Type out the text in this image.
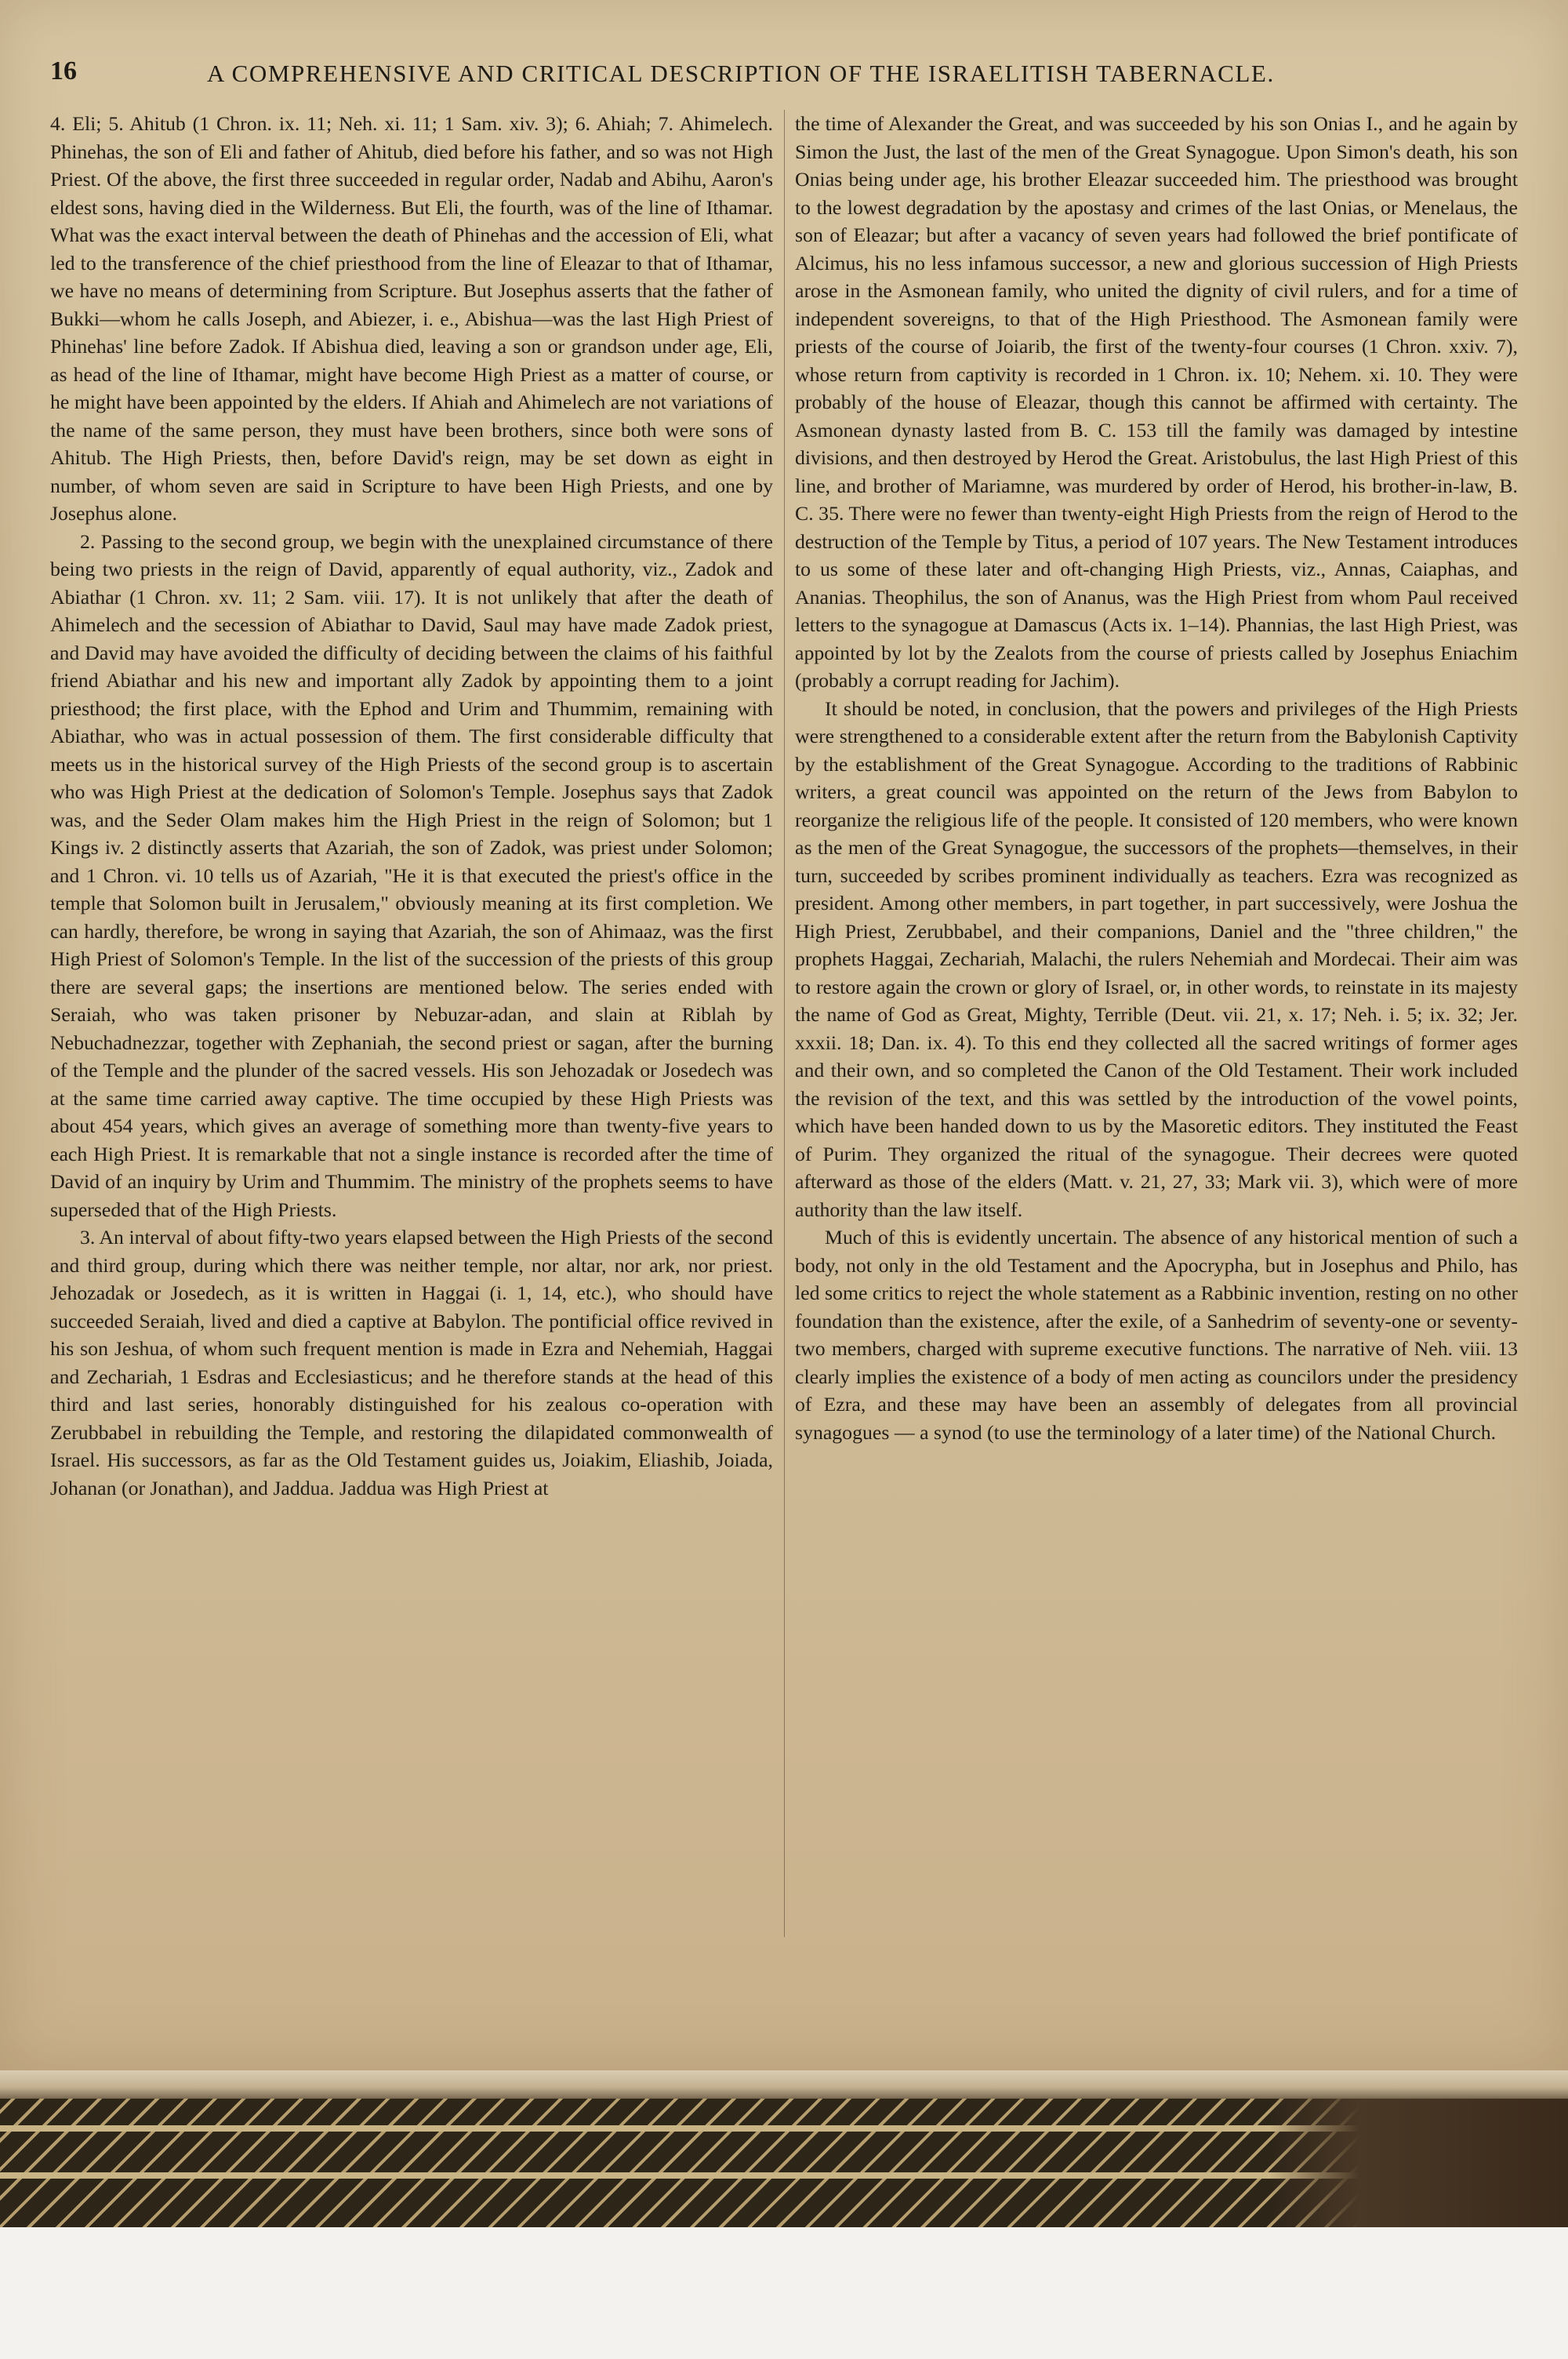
16	A COMPREHENSIVE AND CRITICAL DESCRIPTION OF THE ISRAELITISH TABERNACLE.

4. Eli; 5. Ahitub (1 Chron. ix. 11; Neh. xi. 11; 1 Sam. xiv. 3); 6. Ahiah; 7. Ahimelech. Phinehas, the son of Eli and father of Ahitub, died before his father, and so was not High Priest. Of the above, the first three succeeded in regular order, Nadab and Abihu, Aaron's eldest sons, having died in the Wilderness. But Eli, the fourth, was of the line of Ithamar. What was the exact interval between the death of Phinehas and the accession of Eli, what led to the transference of the chief priesthood from the line of Eleazar to that of Ithamar, we have no means of determining from Scripture. But Josephus asserts that the father of Bukki—whom he calls Joseph, and Abiezer, i. e., Abishua—was the last High Priest of Phinehas' line before Zadok. If Abishua died, leaving a son or grandson under age, Eli, as head of the line of Ithamar, might have become High Priest as a matter of course, or he might have been appointed by the elders. If Ahiah and Ahimelech are not variations of the name of the same person, they must have been brothers, since both were sons of Ahitub. The High Priests, then, before David's reign, may be set down as eight in number, of whom seven are said in Scripture to have been High Priests, and one by Josephus alone.

2. Passing to the second group, we begin with the unexplained circumstance of there being two priests in the reign of David, apparently of equal authority, viz., Zadok and Abiathar (1 Chron. xv. 11; 2 Sam. viii. 17). It is not unlikely that after the death of Ahimelech and the secession of Abiathar to David, Saul may have made Zadok priest, and David may have avoided the difficulty of deciding between the claims of his faithful friend Abiathar and his new and important ally Zadok by appointing them to a joint priesthood; the first place, with the Ephod and Urim and Thummim, remaining with Abiathar, who was in actual possession of them. The first considerable difficulty that meets us in the historical survey of the High Priests of the second group is to ascertain who was High Priest at the dedication of Solomon's Temple. Josephus says that Zadok was, and the Seder Olam makes him the High Priest in the reign of Solomon; but 1 Kings iv. 2 distinctly asserts that Azariah, the son of Zadok, was priest under Solomon; and 1 Chron. vi. 10 tells us of Azariah, "He it is that executed the priest's office in the temple that Solomon built in Jerusalem," obviously meaning at its first completion. We can hardly, therefore, be wrong in saying that Azariah, the son of Ahimaaz, was the first High Priest of Solomon's Temple. In the list of the succession of the priests of this group there are several gaps; the insertions are mentioned below. The series ended with Seraiah, who was taken prisoner by Nebuzar-adan, and slain at Riblah by Nebuchadnezzar, together with Zephaniah, the second priest or sagan, after the burning of the Temple and the plunder of the sacred vessels. His son Jehozadak or Josedech was at the same time carried away captive. The time occupied by these High Priests was about 454 years, which gives an average of something more than twenty-five years to each High Priest. It is remarkable that not a single instance is recorded after the time of David of an inquiry by Urim and Thummim. The ministry of the prophets seems to have superseded that of the High Priests.

3. An interval of about fifty-two years elapsed between the High Priests of the second and third group, during which there was neither temple, nor altar, nor ark, nor priest. Jehozadak or Josedech, as it is written in Haggai (i. 1, 14, etc.), who should have succeeded Seraiah, lived and died a captive at Babylon. The pontificial office revived in his son Jeshua, of whom such frequent mention is made in Ezra and Nehemiah, Haggai and Zechariah, 1 Esdras and Ecclesiasticus; and he therefore stands at the head of this third and last series, honorably distinguished for his zealous co-operation with Zerubbabel in rebuilding the Temple, and restoring the dilapidated commonwealth of Israel. His successors, as far as the Old Testament guides us, Joiakim, Eliashib, Joiada, Johanan (or Jonathan), and Jaddua. Jaddua was High Priest at

the time of Alexander the Great, and was succeeded by his son Onias I., and he again by Simon the Just, the last of the men of the Great Synagogue. Upon Simon's death, his son Onias being under age, his brother Eleazar succeeded him. The priesthood was brought to the lowest degradation by the apostasy and crimes of the last Onias, or Menelaus, the son of Eleazar; but after a vacancy of seven years had followed the brief pontificate of Alcimus, his no less infamous successor, a new and glorious succession of High Priests arose in the Asmonean family, who united the dignity of civil rulers, and for a time of independent sovereigns, to that of the High Priesthood. The Asmonean family were priests of the course of Joiarib, the first of the twenty-four courses (1 Chron. xxiv. 7), whose return from captivity is recorded in 1 Chron. ix. 10; Nehem. xi. 10. They were probably of the house of Eleazar, though this cannot be affirmed with certainty. The Asmonean dynasty lasted from B. C. 153 till the family was damaged by intestine divisions, and then destroyed by Herod the Great. Aristobulus, the last High Priest of this line, and brother of Mariamne, was murdered by order of Herod, his brother-in-law, B. C. 35. There were no fewer than twenty-eight High Priests from the reign of Herod to the destruction of the Temple by Titus, a period of 107 years. The New Testament introduces to us some of these later and oft-changing High Priests, viz., Annas, Caiaphas, and Ananias. Theophilus, the son of Ananus, was the High Priest from whom Paul received letters to the synagogue at Damascus (Acts ix. 1–14). Phannias, the last High Priest, was appointed by lot by the Zealots from the course of priests called by Josephus Eniachim (probably a corrupt reading for Jachim).

It should be noted, in conclusion, that the powers and privileges of the High Priests were strengthened to a considerable extent after the return from the Babylonish Captivity by the establishment of the Great Synagogue. According to the traditions of Rabbinic writers, a great council was appointed on the return of the Jews from Babylon to reorganize the religious life of the people. It consisted of 120 members, who were known as the men of the Great Synagogue, the successors of the prophets—themselves, in their turn, succeeded by scribes prominent individually as teachers. Ezra was recognized as president. Among other members, in part together, in part successively, were Joshua the High Priest, Zerubbabel, and their companions, Daniel and the "three children," the prophets Haggai, Zechariah, Malachi, the rulers Nehemiah and Mordecai. Their aim was to restore again the crown or glory of Israel, or, in other words, to reinstate in its majesty the name of God as Great, Mighty, Terrible (Deut. vii. 21, x. 17; Neh. i. 5; ix. 32; Jer. xxxii. 18; Dan. ix. 4). To this end they collected all the sacred writings of former ages and their own, and so completed the Canon of the Old Testament. Their work included the revision of the text, and this was settled by the introduction of the vowel points, which have been handed down to us by the Masoretic editors. They instituted the Feast of Purim. They organized the ritual of the synagogue. Their decrees were quoted afterward as those of the elders (Matt. v. 21, 27, 33; Mark vii. 3), which were of more authority than the law itself.

Much of this is evidently uncertain. The absence of any historical mention of such a body, not only in the old Testament and the Apocrypha, but in Josephus and Philo, has led some critics to reject the whole statement as a Rabbinic invention, resting on no other foundation than the existence, after the exile, of a Sanhedrim of seventy-one or seventy-two members, charged with supreme executive functions. The narrative of Neh. viii. 13 clearly implies the existence of a body of men acting as councilors under the presidency of Ezra, and these may have been an assembly of delegates from all provincial synagogues — a synod (to use the terminology of a later time) of the National Church.
